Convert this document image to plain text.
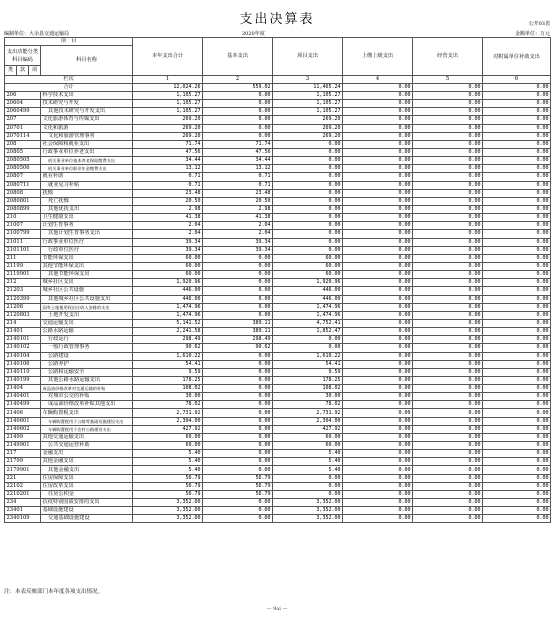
支出决算表	公开03表
编制单位：大余县交通运输局	2020年度	金额单位：万元
项　目				本年支出合计	基本支出	项目支出	上缴上级支出	经营支出	对附属单位补助支出
支出功能分类
科目编码			科目名称						
类	款	项							
栏次				1	2	3	4	5	6
合计				12,024.26	559.02	11,465.24	0.00	0.00	0.00
206			科学技术支出	1,105.27	0.00	1,105.27	0.00	0.00	0.00
20604			技术研究与开发	1,105.27	0.00	1,105.27	0.00	0.00	0.00
2060499			其他技术研究与开发支出	1,105.27	0.00	1,105.27	0.00	0.00	0.00
207			文化旅游体育与传媒支出	269.20	0.00	269.20	0.00	0.00	0.00
20701			文化和旅游	269.20	0.00	269.20	0.00	0.00	0.00
2070114			文化和旅游管理事务	269.20	0.00	269.20	0.00	0.00	0.00
208			社会保障和就业支出	71.74	71.74	0.00	0.00	0.00	0.00
20805			行政事业单位养老支出	47.56	47.56	0.00	0.00	0.00	0.00
2080505			机关事业单位基本养老保险缴费支出	34.44	34.44	0.00	0.00	0.00	0.00
2080506			机关事业单位职业年金缴费支出	13.12	13.12	0.00	0.00	0.00	0.00
20807			就业补助	0.71	0.71	0.00	0.00	0.00	0.00
2080711			就业见习补贴	0.71	0.71	0.00	0.00	0.00	0.00
20808			抚恤	23.48	23.48	0.00	0.00	0.00	0.00
2080801			死亡抚恤	20.50	20.50	0.00	0.00	0.00	0.00
2080899			其他优抚支出	2.98	2.98	0.00	0.00	0.00	0.00
210			卫生健康支出	41.38	41.38	0.00	0.00	0.00	0.00
21007			计划生育事务	2.04	2.04	0.00	0.00	0.00	0.00
2100799			其他计划生育事务支出	2.04	2.04	0.00	0.00	0.00	0.00
21011			行政事业单位医疗	39.34	39.34	0.00	0.00	0.00	0.00
2101101			行政单位医疗	39.34	39.34	0.00	0.00	0.00	0.00
211			节能环保支出	60.00	0.00	60.00	0.00	0.00	0.00
21199			其他节能环保支出	60.00	0.00	60.00	0.00	0.00	0.00
2119901			其他节能环保支出	60.00	0.00	60.00	0.00	0.00	0.00
212			城乡社区支出	1,920.96	0.00	1,920.96	0.00	0.00	0.00
21203			城乡社区公共设施	446.00	0.00	446.00	0.00	0.00	0.00
2120399			其他城乡社区公共设施支出	446.00	0.00	446.00	0.00	0.00	0.00
21208			国有土地使用权出让收入安排的支出	1,474.96	0.00	1,474.96	0.00	0.00	0.00
2120803			土地开发支出	1,474.96	0.00	1,474.96	0.00	0.00	0.00
214			交通运输支出	5,141.52	389.11	4,752.41	0.00	0.00	0.00
21401			公路水路运输	2,241.58	389.11	1,852.47	0.00	0.00	0.00
2140101			行政运行	298.49	298.49	0.00	0.00	0.00	0.00
2140102			一般行政管理事务	90.62	90.62	0.00	0.00	0.00	0.00
2140104			公路建设	1,610.22	0.00	1,610.22	0.00	0.00	0.00
2140106			公路养护	54.41	0.00	54.41	0.00	0.00	0.00
2140110			公路和运输安全	9.59	0.00	9.59	0.00	0.00	0.00
2140199			其他公路水路运输支出	178.25	0.00	178.25	0.00	0.00	0.00
21404			成品油价格改革对交通运输的补贴	108.02	0.00	108.02	0.00	0.00	0.00
2140401			对城市公交的补贴	30.00	0.00	30.00	0.00	0.00	0.00
2140499			成品油价格改革补贴其他支出	78.02	0.00	78.02	0.00	0.00	0.00
21406			车辆购置税支出	2,731.92	0.00	2,731.92	0.00	0.00	0.00
2140601			车辆购置税用于公路等基础设施建设支出	2,304.00	0.00	2,304.00	0.00	0.00	0.00
2140602			车辆购置税用于农村公路建设支出	427.92	0.00	427.92	0.00	0.00	0.00
21499			其他交通运输支出	60.00	0.00	60.00	0.00	0.00	0.00
2149901			公共交通运营补助	60.00	0.00	60.00	0.00	0.00	0.00
217			金融支出	5.40	0.00	5.40	0.00	0.00	0.00
21799			其他金融支出	5.40	0.00	5.40	0.00	0.00	0.00
2179901			其他金融支出	5.40	0.00	5.40	0.00	0.00	0.00
221			住房保障支出	56.79	56.79	0.00	0.00	0.00	0.00
22102			住房改革支出	56.79	56.79	0.00	0.00	0.00	0.00
2210201			住房公积金	56.79	56.79	0.00	0.00	0.00	0.00
234			抗疫特别国债安排的支出	3,352.00	0.00	3,352.00	0.00	0.00	0.00
23401			基础设施建设	3,352.00	0.00	3,352.00	0.00	0.00	0.00
2340109			交通基础设施建设	3,352.00	0.00	3,352.00	0.00	0.00	0.00
注：本表反映部门本年度各项支出情况。
— 9ai —
